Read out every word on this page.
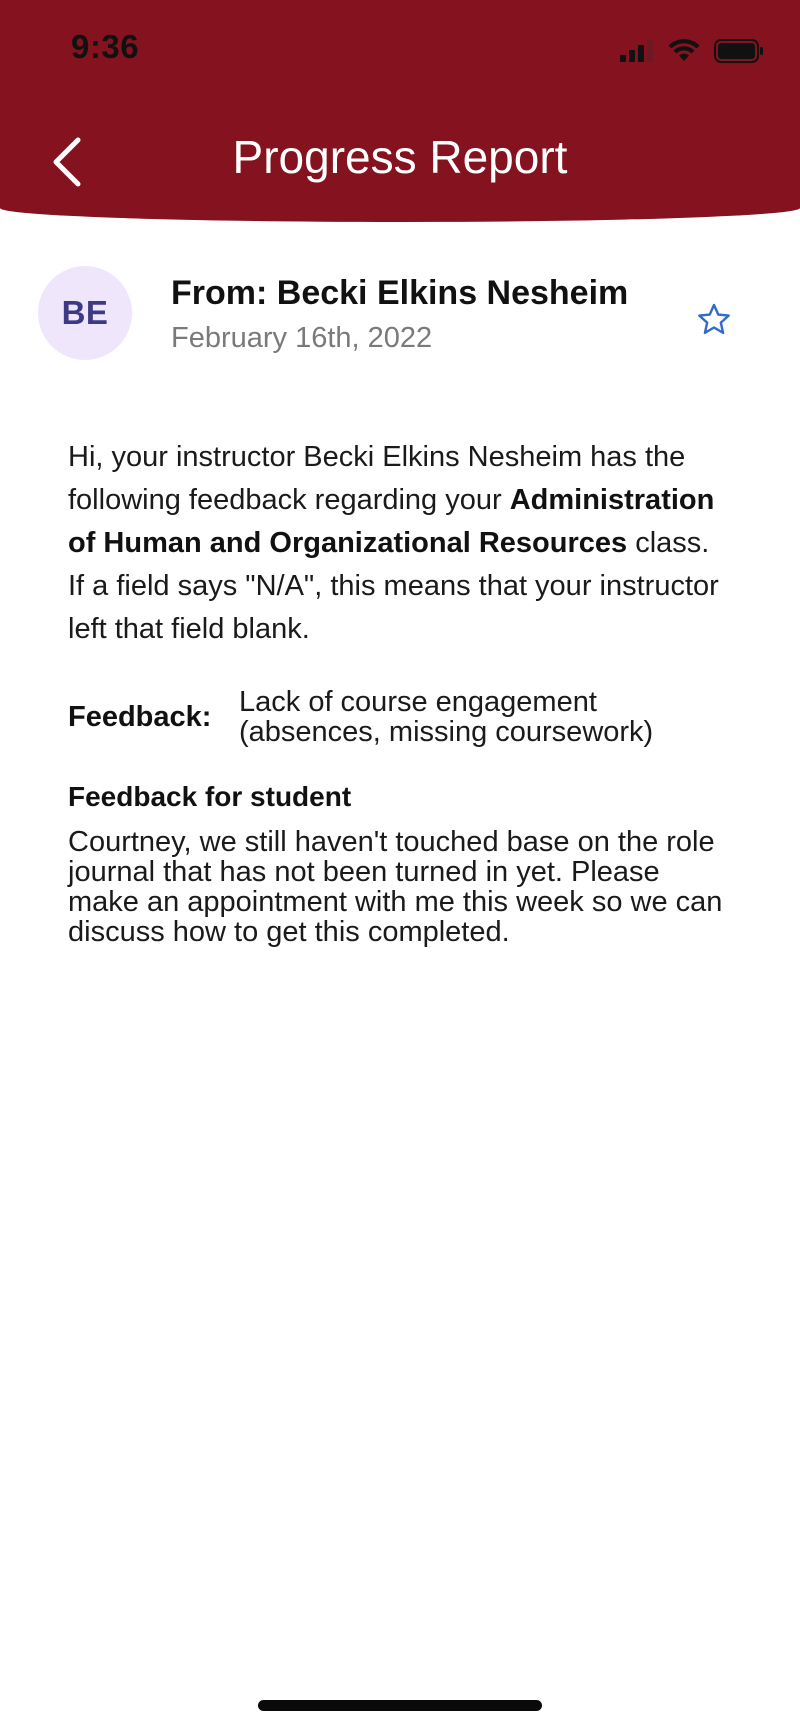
9:36
Progress Report
BE
From: Becki Elkins Nesheim
February 16th, 2022

Hi, your instructor Becki Elkins Nesheim has the following feedback regarding your Administration of Human and Organizational Resources class. If a field says "N/A", this means that your instructor left that field blank.

Feedback: Lack of course engagement (absences, missing coursework)
Feedback for student
Courtney, we still haven't touched base on the role journal that has not been turned in yet. Please make an appointment with me this week so we can discuss how to get this completed.
